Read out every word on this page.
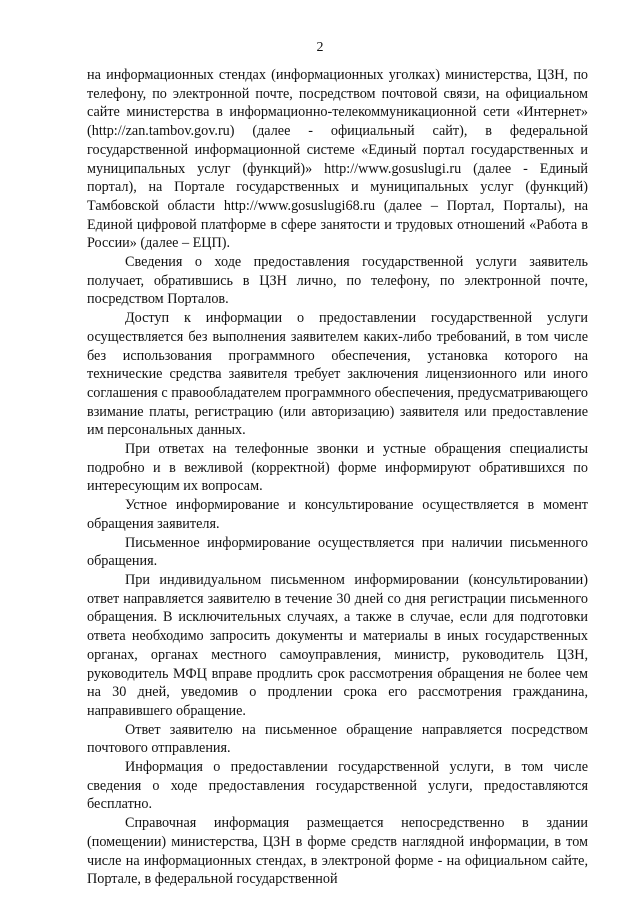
2

на информационных стендах (информационных уголках) министерства, ЦЗН, по телефону, по электронной почте, посредством почтовой связи, на официальном сайте министерства в информационно-телекоммуникационной сети «Интернет» (http://zan.tambov.gov.ru) (далее - официальный сайт), в федеральной государственной информационной системе «Единый портал государственных и муниципальных услуг (функций)» http://www.gosuslugi.ru (далее - Единый портал), на Портале государственных и муниципальных услуг (функций) Тамбовской области http://www.gosuslugi68.ru (далее – Портал, Порталы), на Единой цифровой платформе в сфере занятости и трудовых отношений «Работа в России» (далее – ЕЦП).

Сведения о ходе предоставления государственной услуги заявитель получает, обратившись в ЦЗН лично, по телефону, по электронной почте, посредством Порталов.

Доступ к информации о предоставлении государственной услуги осуществляется без выполнения заявителем каких-либо требований, в том числе без использования программного обеспечения, установка которого на технические средства заявителя требует заключения лицензионного или иного соглашения с правообладателем программного обеспечения, предусматривающего взимание платы, регистрацию (или авторизацию) заявителя или предоставление им персональных данных.

При ответах на телефонные звонки и устные обращения специалисты подробно и в вежливой (корректной) форме информируют обратившихся по интересующим их вопросам.

Устное информирование и консультирование осуществляется в момент обращения заявителя.

Письменное информирование осуществляется при наличии письменного обращения.

При индивидуальном письменном информировании (консультировании) ответ направляется заявителю в течение 30 дней со дня регистрации письменного обращения. В исключительных случаях, а также в случае, если для подготовки ответа необходимо запросить документы и материалы в иных государственных органах, органах местного самоуправления, министр, руководитель ЦЗН, руководитель МФЦ вправе продлить срок рассмотрения обращения не более чем на 30 дней, уведомив о продлении срока его рассмотрения гражданина, направившего обращение.

Ответ заявителю на письменное обращение направляется посредством почтового отправления.

Информация о предоставлении государственной услуги, в том числе сведения о ходе предоставления государственной услуги, предоставляются бесплатно.

Справочная информация размещается непосредственно в здании (помещении) министерства, ЦЗН в форме средств наглядной информации, в том числе на информационных стендах, в электроной форме - на официальном сайте, Портале, в федеральной государственной
